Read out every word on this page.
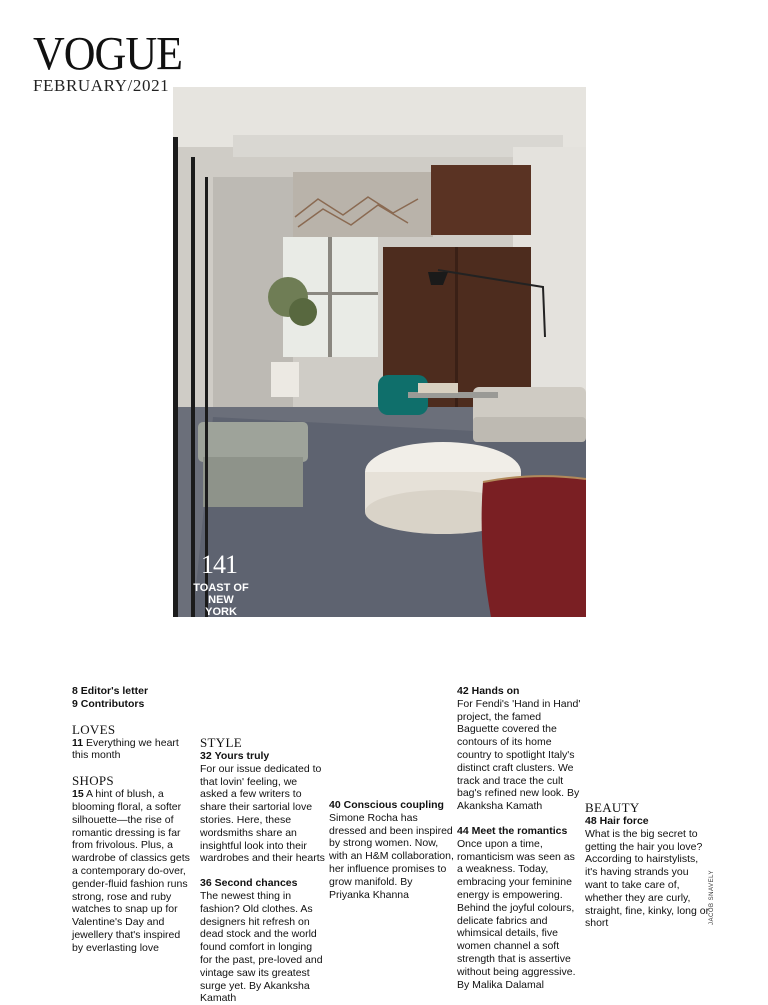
VOGUE
FEBRUARY/2021
141
TOAST OF NEW YORK

8 Editor's letter
9 Contributors

LOVES

11 Everything we heart this month

SHOPS

15 A hint of blush, a blooming floral, a softer silhouette—the rise of romantic dressing is far from frivolous. Plus, a wardrobe of classics gets a contemporary do-over, gender-fluid fashion runs strong, rose and ruby watches to snap up for Valentine's Day and jewellery that's inspired by everlasting love

STYLE

32 Yours truly
For our issue dedicated to that lovin' feeling, we asked a few writers to share their sartorial love stories. Here, these wordsmiths share an insightful look into their wardrobes and their hearts

36 Second chances
The newest thing in fashion? Old clothes. As designers hit refresh on dead stock and the world found comfort in longing for the past, pre-loved and vintage saw its greatest surge yet. By Akanksha Kamath

40 Conscious coupling
Simone Rocha has dressed and been inspired by strong women. Now, with an H&M collaboration, her influence promises to grow manifold. By Priyanka Khanna

42 Hands on
For Fendi's 'Hand in Hand' project, the famed Baguette covered the contours of its home country to spotlight Italy's distinct craft clusters. We track and trace the cult bag's refined new look. By Akanksha Kamath

44 Meet the romantics
Once upon a time, romanticism was seen as a weakness. Today, embracing your feminine energy is empowering. Behind the joyful colours, delicate fabrics and whimsical details, five women channel a soft strength that is assertive without being aggressive. By Malika Dalamal

BEAUTY

48 Hair force
What is the big secret to getting the hair you love? According to hairstylists, it's having strands you want to take care of, whether they are curly, straight, fine, kinky, long or short	JACOB SNAVELY
